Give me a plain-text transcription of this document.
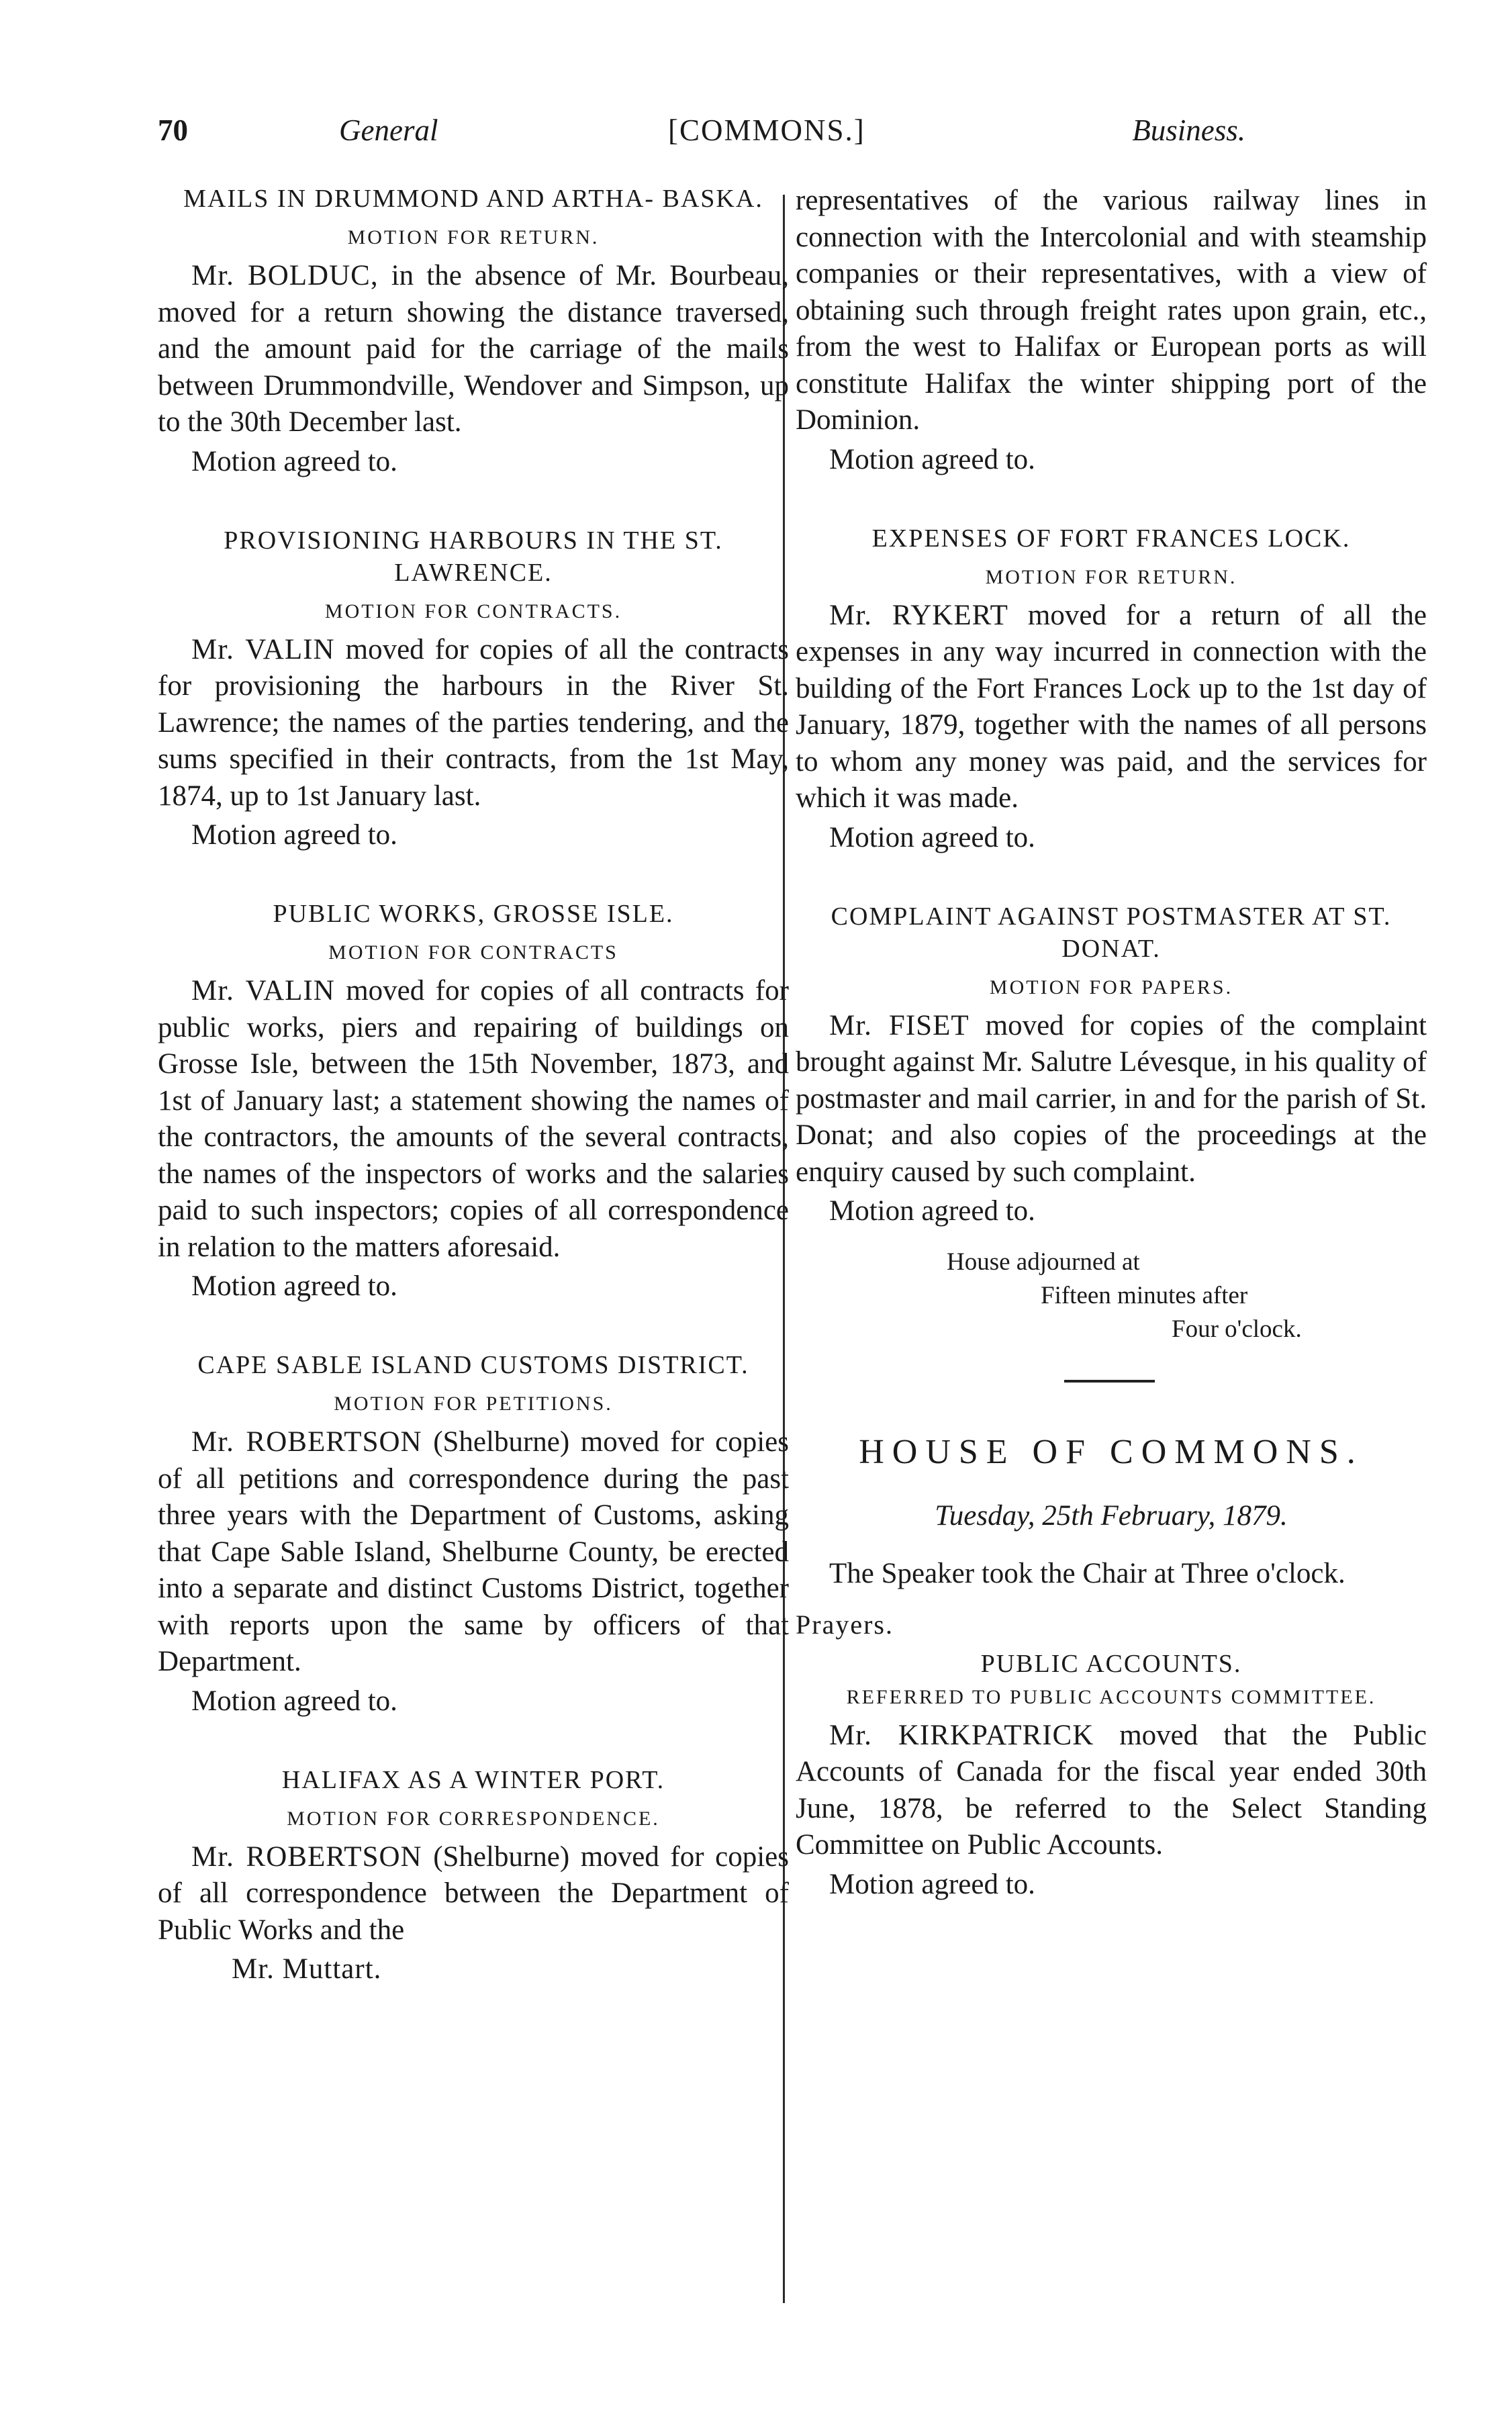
70	General	[COMMONS.]	Business.
MAILS IN DRUMMOND AND ARTHA- BASKA.
MOTION FOR RETURN.

Mr. BOLDUC, in the absence of Mr. Bourbeau, moved for a return showing the distance traversed, and the amount paid for the carriage of the mails between Drummondville, Wendover and Simpson, up to the 30th December last.

Motion agreed to.
PROVISIONING HARBOURS IN THE ST. LAWRENCE.
MOTION FOR CONTRACTS.

Mr. VALIN moved for copies of all the contracts for provisioning the harbours in the River St. Lawrence; the names of the parties tendering, and the sums specified in their contracts, from the 1st May, 1874, up to 1st January last.

Motion agreed to.
PUBLIC WORKS, GROSSE ISLE.
MOTION FOR CONTRACTS

Mr. VALIN moved for copies of all contracts for public works, piers and repairing of buildings on Grosse Isle, between the 15th November, 1873, and 1st of January last; a statement showing the names of the contractors, the amounts of the several contracts, the names of the inspectors of works and the salaries paid to such inspectors; copies of all correspondence in relation to the matters aforesaid.

Motion agreed to.
CAPE SABLE ISLAND CUSTOMS DISTRICT.
MOTION FOR PETITIONS.

Mr. ROBERTSON (Shelburne) moved for copies of all petitions and correspondence during the past three years with the Department of Customs, asking that Cape Sable Island, Shelburne County, be erected into a separate and distinct Customs District, together with reports upon the same by officers of that Department.

Motion agreed to.
HALIFAX AS A WINTER PORT.
MOTION FOR CORRESPONDENCE.

Mr. ROBERTSON (Shelburne) moved for copies of all correspondence between the Department of Public Works and the

Mr. Muttart.

representatives of the various railway lines in connection with the Intercolonial and with steamship companies or their representatives, with a view of obtaining such through freight rates upon grain, etc., from the west to Halifax or European ports as will constitute Halifax the winter shipping port of the Dominion.

Motion agreed to.
EXPENSES OF FORT FRANCES LOCK.
MOTION FOR RETURN.

Mr. RYKERT moved for a return of all the expenses in any way incurred in connection with the building of the Fort Frances Lock up to the 1st day of January, 1879, together with the names of all persons to whom any money was paid, and the services for which it was made.

Motion agreed to.
COMPLAINT AGAINST POSTMASTER AT ST. DONAT.
MOTION FOR PAPERS.

Mr. FISET moved for copies of the complaint brought against Mr. Salutre Lévesque, in his quality of postmaster and mail carrier, in and for the parish of St. Donat; and also copies of the proceedings at the enquiry caused by such complaint.

Motion agreed to.
House adjourned at
Fifteen minutes after
Four o'clock.
HOUSE OF COMMONS.
Tuesday, 25th February, 1879.

The Speaker took the Chair at Three o'clock.

Prayers.
PUBLIC ACCOUNTS.
REFERRED TO PUBLIC ACCOUNTS COMMITTEE.

Mr. KIRKPATRICK moved that the Public Accounts of Canada for the fiscal year ended 30th June, 1878, be referred to the Select Standing Committee on Public Accounts.

Motion agreed to.
